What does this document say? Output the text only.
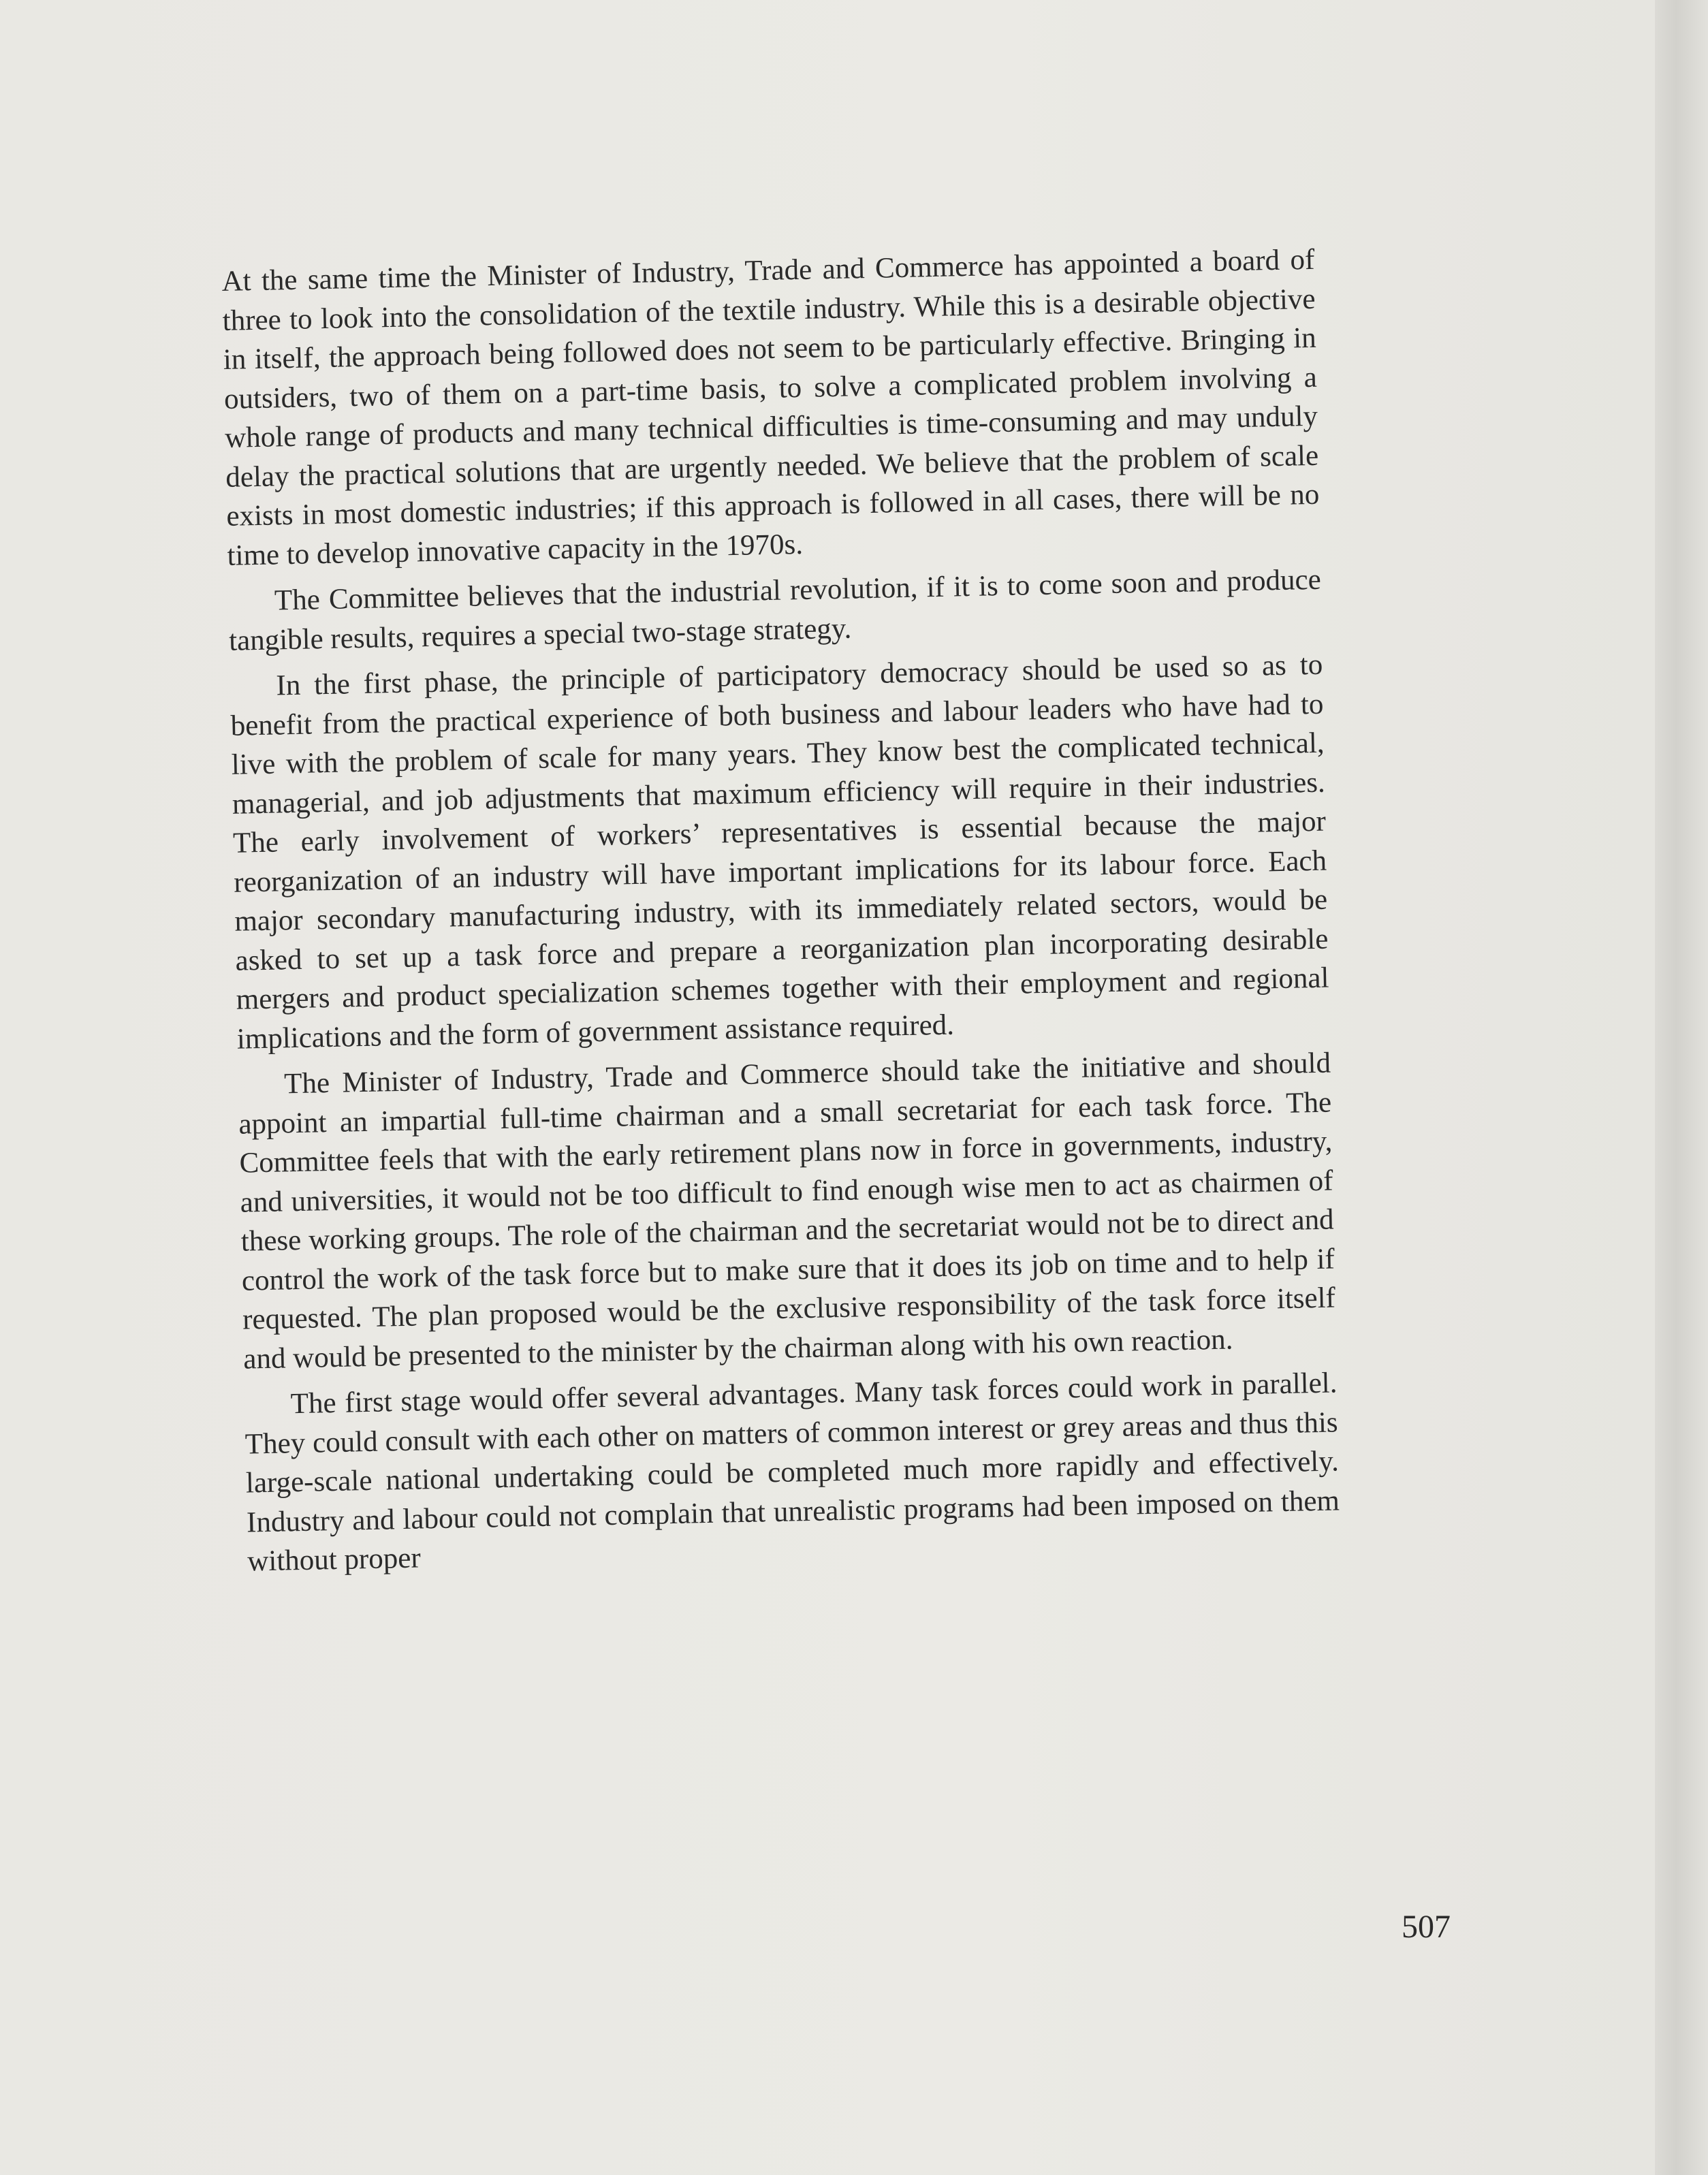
At the same time the Minister of Industry, Trade and Commerce has appointed a board of three to look into the consolidation of the textile industry. While this is a desirable objective in itself, the approach being followed does not seem to be particularly effective. Bringing in outsiders, two of them on a part-time basis, to solve a complicated problem involving a whole range of products and many technical difficulties is time-consuming and may unduly delay the practical solutions that are urgently needed. We believe that the problem of scale exists in most domestic industries; if this approach is followed in all cases, there will be no time to develop innovative capacity in the 1970s.

The Committee believes that the industrial revolution, if it is to come soon and produce tangible results, requires a special two-stage strategy.

In the first phase, the principle of participatory democracy should be used so as to benefit from the practical experience of both business and labour leaders who have had to live with the problem of scale for many years. They know best the complicated technical, managerial, and job adjustments that maximum efficiency will require in their industries. The early involvement of workers’ representatives is essential because the major reorganization of an industry will have important implications for its labour force. Each major secondary manufacturing industry, with its immediately related sectors, would be asked to set up a task force and prepare a reorganization plan incorporating desirable mergers and product specialization schemes together with their employment and regional implications and the form of government assistance required.

The Minister of Industry, Trade and Commerce should take the initiative and should appoint an impartial full-time chairman and a small secretariat for each task force. The Committee feels that with the early retirement plans now in force in governments, industry, and universities, it would not be too difficult to find enough wise men to act as chairmen of these working groups. The role of the chairman and the secretariat would not be to direct and control the work of the task force but to make sure that it does its job on time and to help if requested. The plan proposed would be the exclusive responsibility of the task force itself and would be presented to the minister by the chairman along with his own reaction.

The first stage would offer several advantages. Many task forces could work in parallel. They could consult with each other on matters of common interest or grey areas and thus this large-scale national undertaking could be completed much more rapidly and effectively. Industry and labour could not complain that unrealistic programs had been imposed on them without proper

507
